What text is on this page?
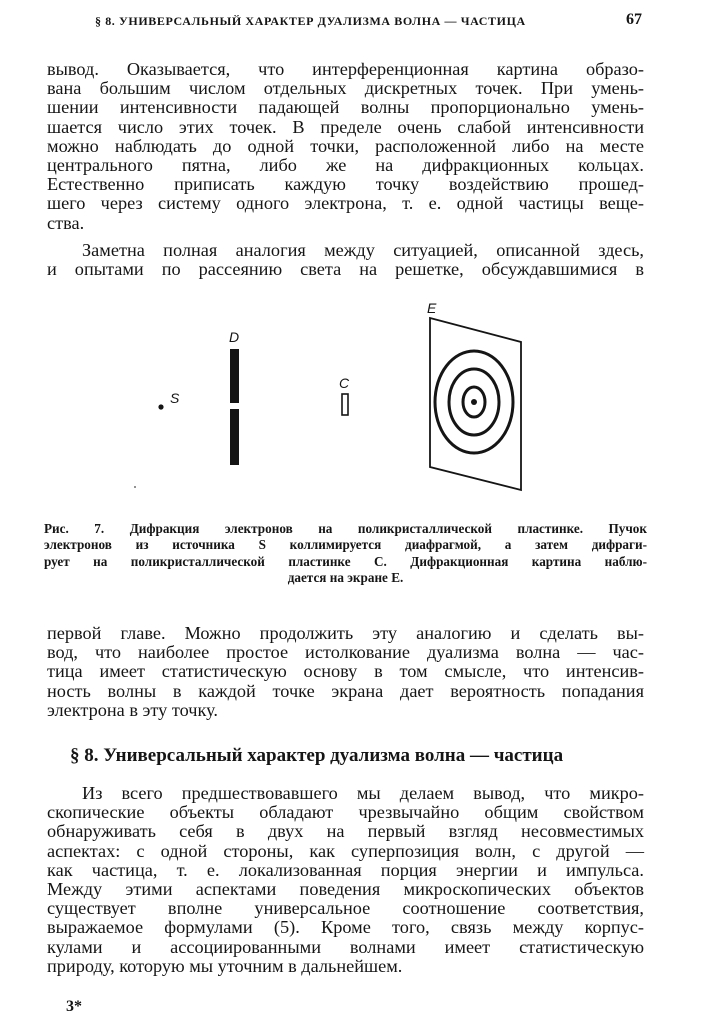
§ 8. УНИВЕРСАЛЬНЫЙ ХАРАКТЕР ДУАЛИЗМА ВОЛНА — ЧАСТИЦА	67
вывод. Оказывается, что интерференционная картина образо-
вана большим числом отдельных дискретных точек. При умень-
шении интенсивности падающей волны пропорционально умень-
шается число этих точек. В пределе очень слабой интенсивности
можно наблюдать до одной точки, расположенной либо на месте
центрального пятна, либо же на дифракционных кольцах.
Естественно приписать каждую точку воздействию прошед-
шего через систему одного электрона, т. е. одной частицы веще-
ства.
Заметна полная аналогия между ситуацией, описанной здесь,
и опытами по рассеянию света на решетке, обсуждавшимися в
S
D
C
E
Рис. 7. Дифракция электронов на поликристаллической пластинке. Пучок
электронов из источника S коллимируется диафрагмой, а затем дифраги-
рует на поликристаллической пластинке C. Дифракционная картина наблю-
дается на экране E.
первой главе. Можно продолжить эту аналогию и сделать вы-
вод, что наиболее простое истолкование дуализма волна — час-
тица имеет статистическую основу в том смысле, что интенсив-
ность волны в каждой точке экрана дает вероятность попадания
электрона в эту точку.
§ 8. Универсальный характер дуализма волна — частица
Из всего предшествовавшего мы делаем вывод, что микро-
скопические объекты обладают чрезвычайно общим свойством
обнаруживать себя в двух на первый взгляд несовместимых
аспектах: с одной стороны, как суперпозиция волн, с другой —
как частица, т. е. локализованная порция энергии и импульса.
Между этими аспектами поведения микроскопических объектов
существует вполне универсальное соотношение соответствия,
выражаемое формулами (5). Кроме того, связь между корпус-
кулами и ассоциированными волнами имеет статистическую
природу, которую мы уточним в дальнейшем.
3*
